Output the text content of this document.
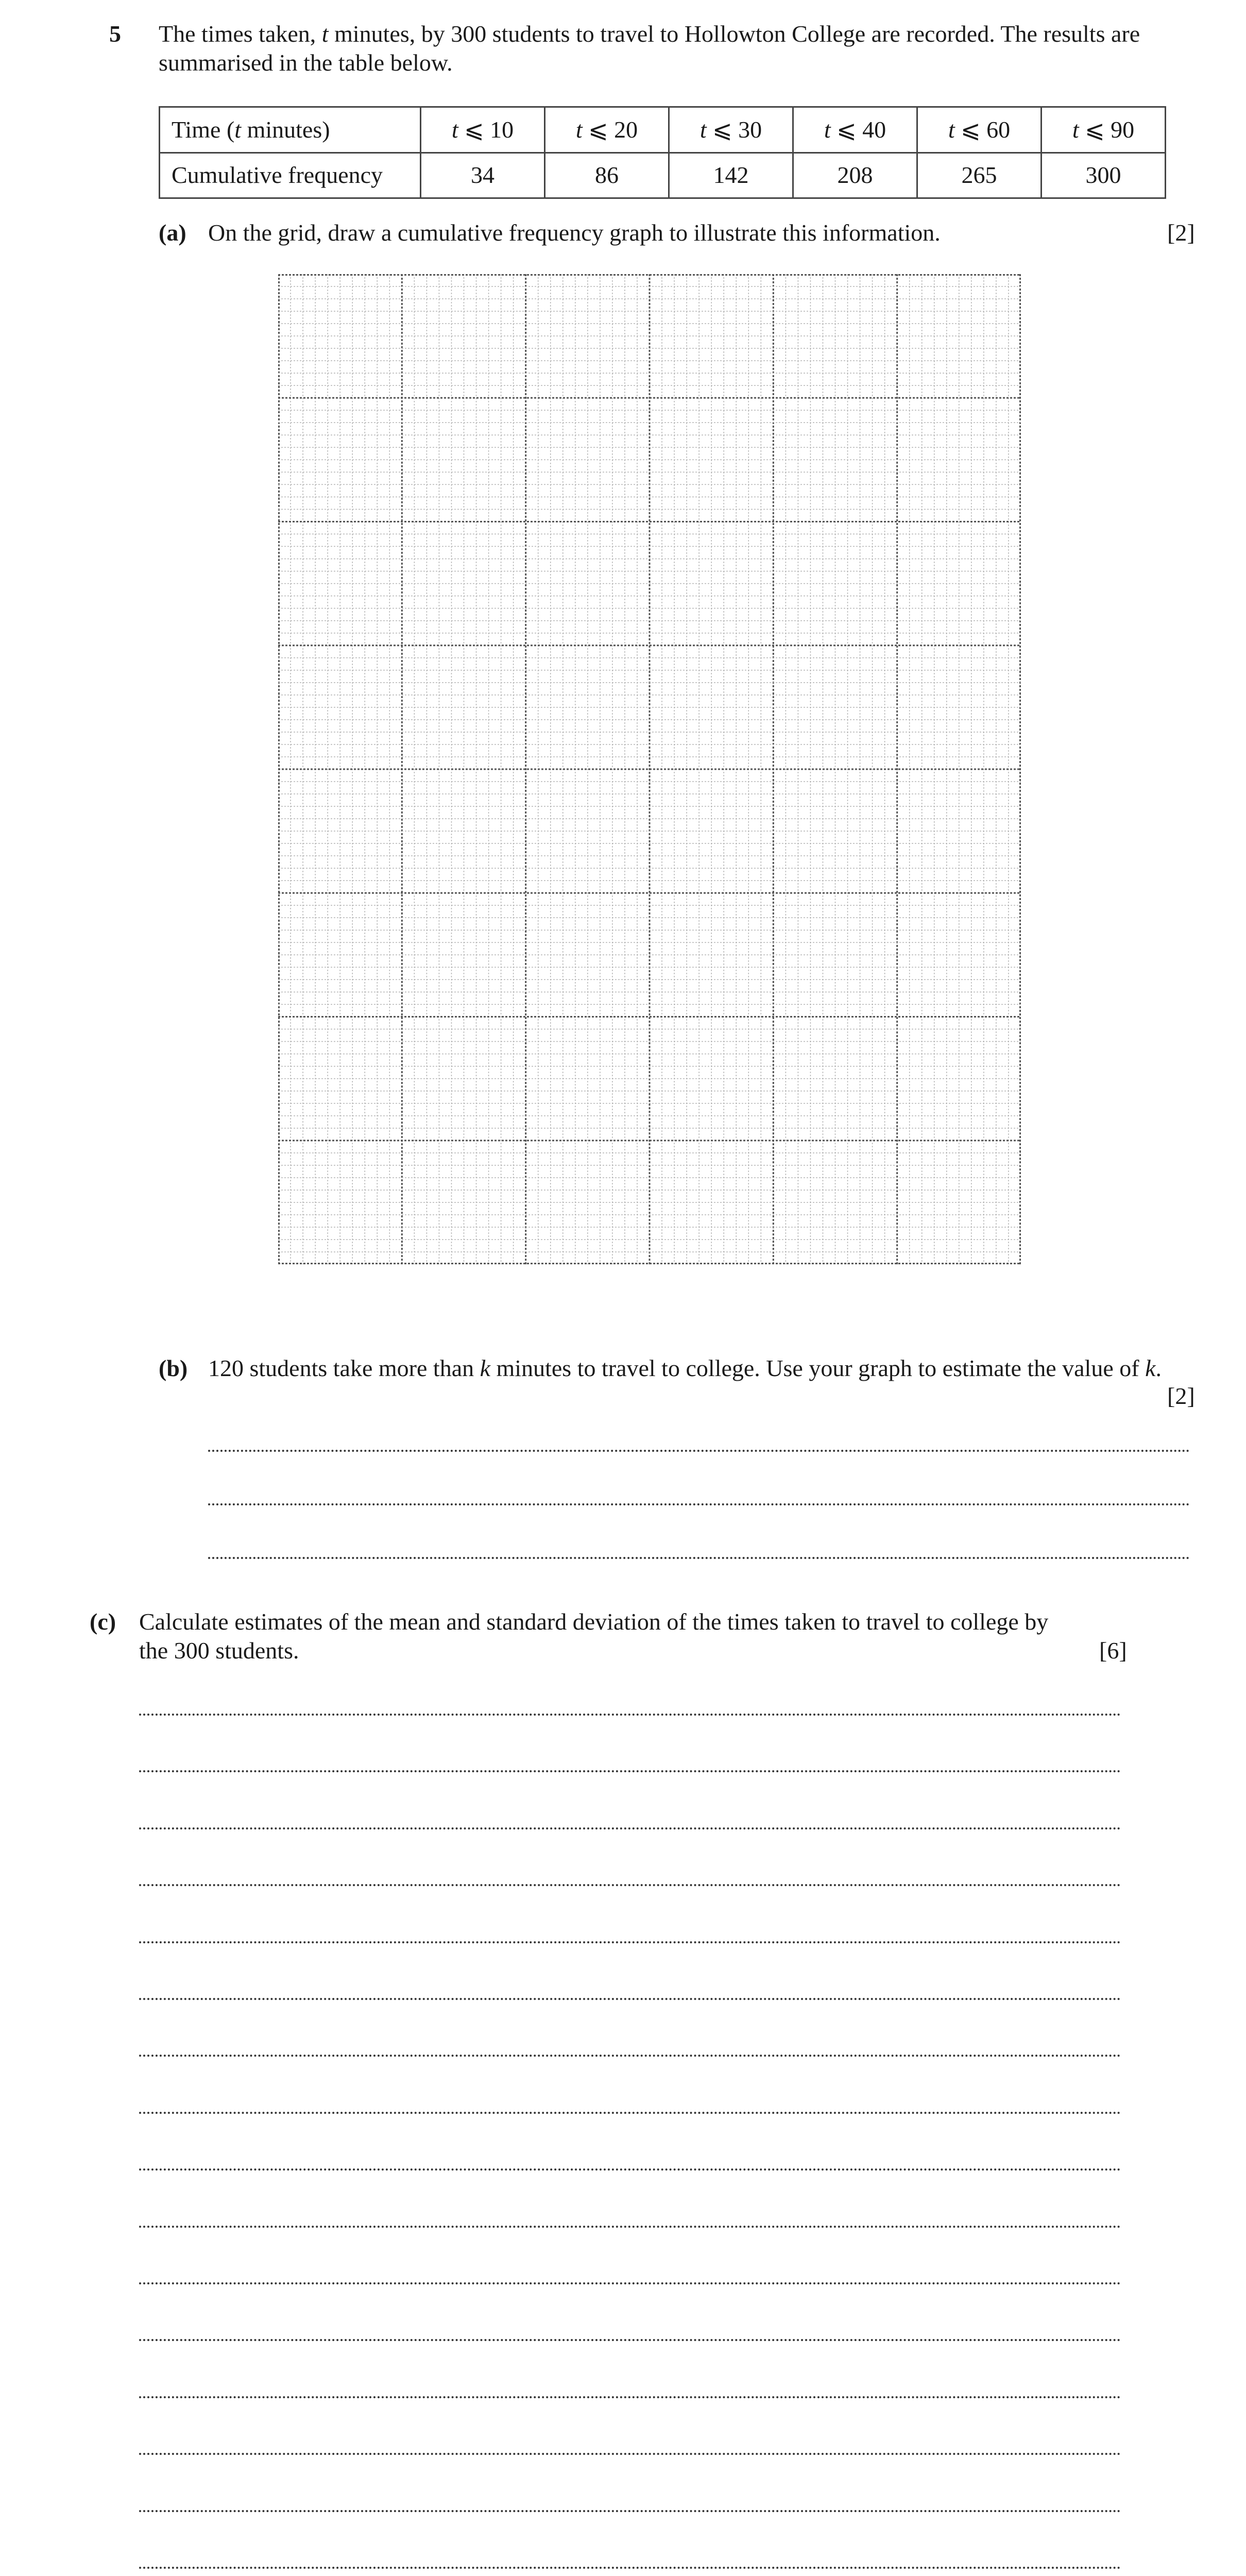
5 The times taken, t minutes, by 300 students to travel to Hollowton College are recorded. The results are

summarised in the table below.

Time (t minutes)	t ⩽ 10	t ⩽ 20	t ⩽ 30	t ⩽ 40	t ⩽ 60	t ⩽ 90
Cumulative frequency	34	86	142	208	265	300
(a) On the grid, draw a cumulative frequency graph to illustrate this information.	[2]
(b) 120 students take more than k minutes to travel to college. Use your graph to estimate the value of k.
[2]
(c) Calculate estimates of the mean and standard deviation of the times taken to travel to college by
the 300 students.	[6]
